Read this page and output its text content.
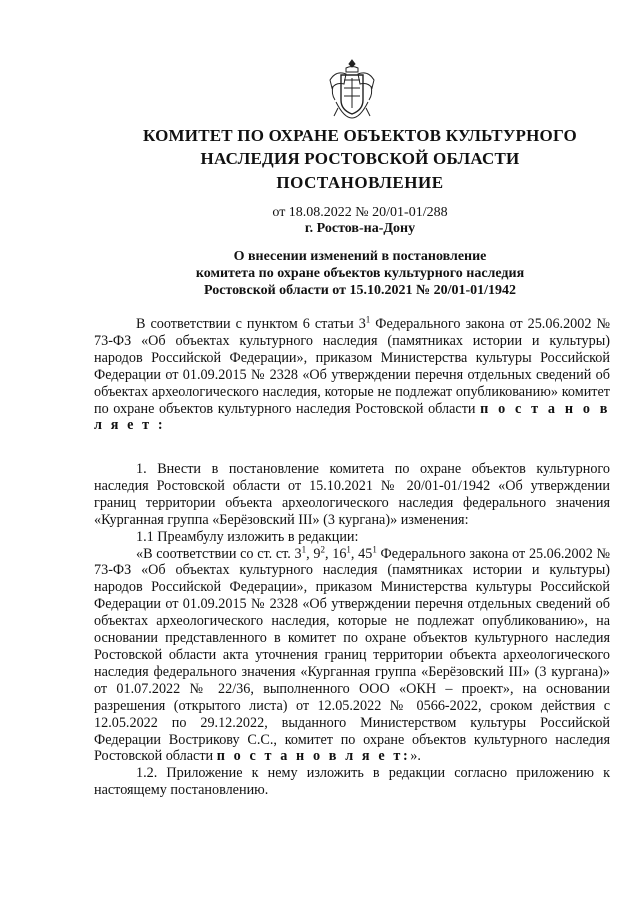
КОМИТЕТ ПО ОХРАНЕ ОБЪЕКТОВ КУЛЬТУРНОГО
НАСЛЕДИЯ РОСТОВСКОЙ ОБЛАСТИ
ПОСТАНОВЛЕНИЕ
от 18.08.2022 № 20/01-01/288
г. Ростов-на-Дону
О внесении изменений в постановление
комитета по охране объектов культурного наследия
Ростовской области от 15.10.2021 № 20/01-01/1942

В соответствии с пунктом 6 статьи $3^1$ Федерального закона от 25.06.2002 № 73-ФЗ «Об объектах культурного наследия (памятниках истории и культуры) народов Российской Федерации», приказом Министерства культуры Российской Федерации от 01.09.2015 № 2328 «Об утверждении перечня отдельных сведений об объектах археологического наследия, которые не подлежат опубликованию» комитет по охране объектов культурного наследия Ростовской области п о с т а н о в л я е т :

1. Внести в постановление комитета по охране объектов культурного наследия Ростовской области от 15.10.2021 № 20/01-01/1942 «Об утверждении границ территории объекта археологического наследия федерального значения «Курганная группа «Берёзовский III» (3 кургана)» изменения:

1.1 Преамбулу изложить в редакции:

«В соответствии со ст. ст. $3^1$, $9^2$, $16^1$, $45^1$ Федерального закона от 25.06.2002 № 73-ФЗ «Об объектах культурного наследия (памятниках истории и культуры) народов Российской Федерации», приказом Министерства культуры Российской Федерации от 01.09.2015 № 2328 «Об утверждении перечня отдельных сведений об объектах археологического наследия, которые не подлежат опубликованию», на основании представленного в комитет по охране объектов культурного наследия Ростовской области акта уточнения границ территории объекта археологического наследия федерального значения «Курганная группа «Берёзовский III» (3 кургана)» от 01.07.2022 № 22/36, выполненного ООО «ОКН – проект», на основании разрешения (открытого листа) от 12.05.2022 № 0566-2022, сроком действия с 12.05.2022 по 29.12.2022, выданного Министерством культуры Российской Федерации Вострикову С.С., комитет по охране объектов культурного наследия Ростовской области п о с т а н о в л я е т:».

1.2. Приложение к нему изложить в редакции согласно приложению к настоящему постановлению.
